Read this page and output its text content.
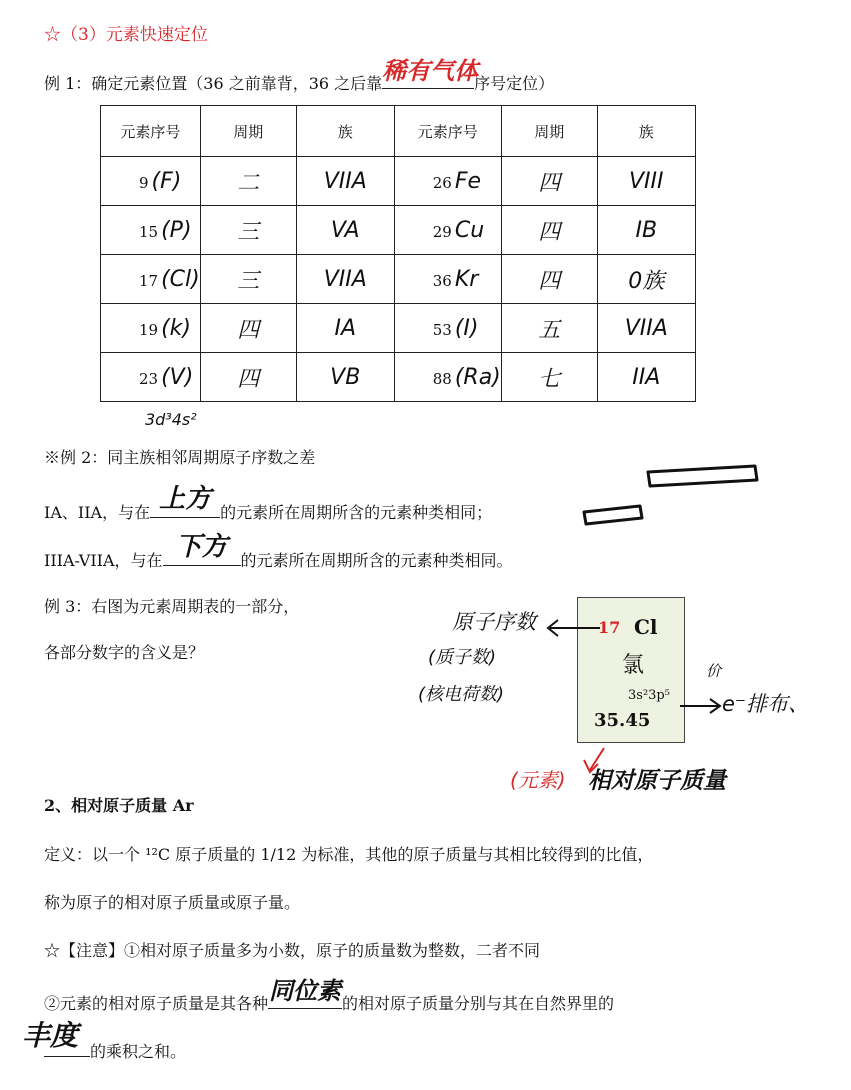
☆（3）元素快速定位
例 1：确定元素位置（36 之前靠背，36 之后靠 稀有气体
序号定位）
元素序号	周期	族	元素序号	周期	族
9 (F)	二	VIIA	26 Fe	四	VIII
15 (P)	三	VA	29 Cu	四	IB
17 (Cl)	三	VIIA	36 Kr	四	0族
19 (k)	四	IA	53 (I)	五	VIIA
23 (V)	四	VB	88 (Ra)	七	IIA
3d³4s²
※例 2：同主族相邻周期原子序数之差
IA、IIA，与在 上方 的元素所在周期所含的元素种类相同；
IIIA-VIIA，与在 下方 的元素所在周期所含的元素种类相同。
例 3：右图为元素周期表的一部分，
各部分数字的含义是？
17 Cl
氯
3s²3p⁵
35.45
原子序数
(质子数)
(核电荷数)
价
e⁻排布、
(元素) 相对原子质量
2、相对原子质量 Ar
定义：以一个 ¹²C 原子质量的 1/12 为标准，其他的原子质量与其相比较得到的比值，
称为原子的相对原子质量或原子量。
☆【注意】①相对原子质量多为小数，原子的质量数为整数，二者不同
②元素的相对原子质量是其各种 同位素 的相对原子质量分别与其在自然界里的
丰度 的乘积之和。
